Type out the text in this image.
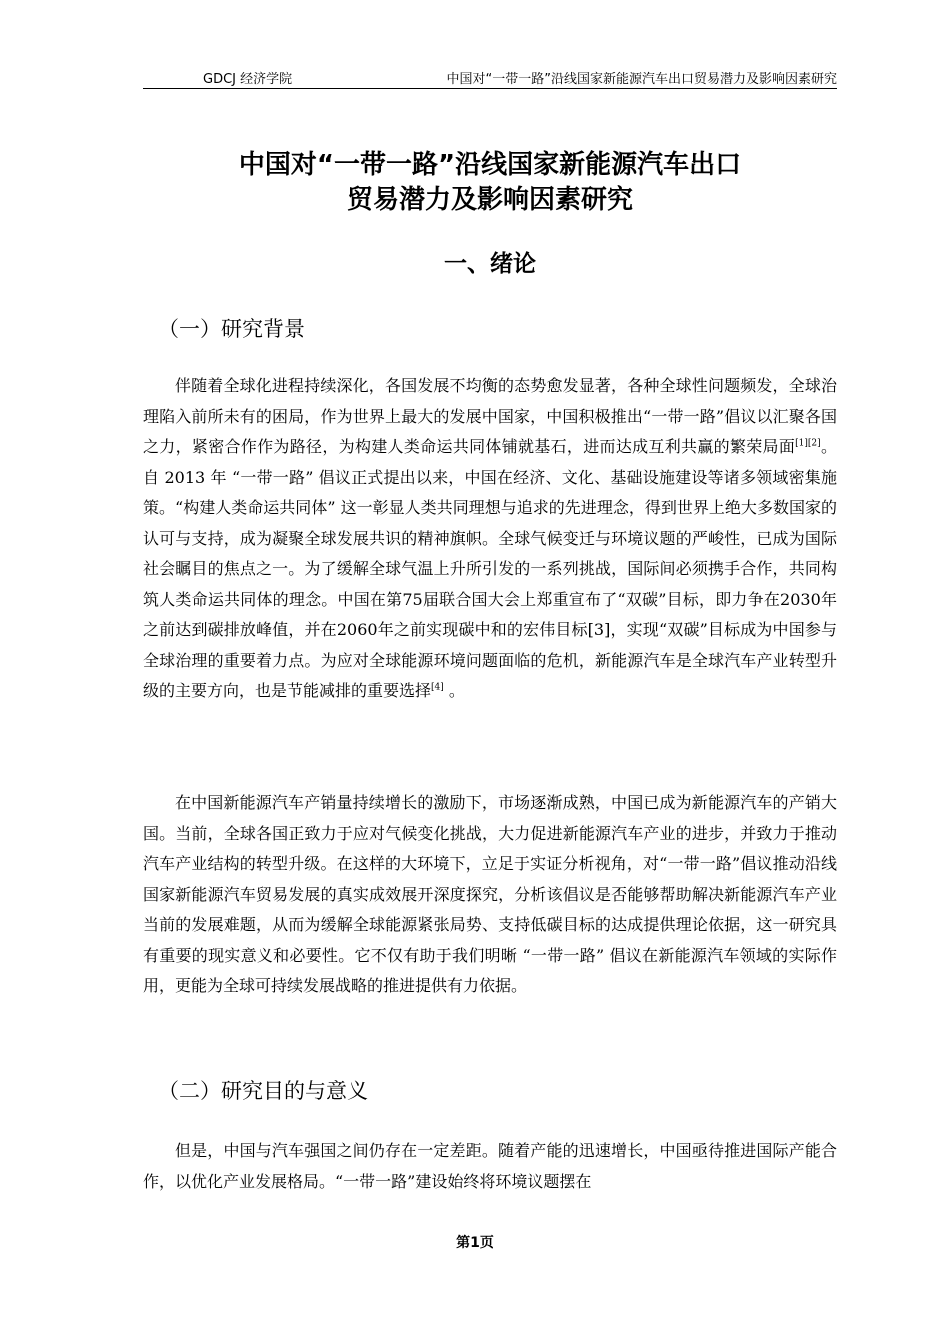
GDCJ 经济学院	中国对“一带一路”沿线国家新能源汽车出口贸易潜力及影响因素研究
中国对“一带一路”沿线国家新能源汽车出口
贸易潜力及影响因素研究
一、绪论
（一）研究背景

伴随着全球化进程持续深化，各国发展不均衡的态势愈发显著，各种全球性问题频发，全球治理陷入前所未有的困局，作为世界上最大的发展中国家，中国积极推出“一带一路”倡议以汇聚各国之力，紧密合作作为路径，为构建人类命运共同体铺就基石，进而达成互利共赢的繁荣局面[1][2]。自 2013 年 “一带一路” 倡议正式提出以来，中国在经济、文化、基础设施建设等诸多领域密集施策。“构建人类命运共同体” 这一彰显人类共同理想与追求的先进理念，得到世界上绝大多数国家的认可与支持，成为凝聚全球发展共识的精神旗帜。全球气候变迁与环境议题的严峻性，已成为国际社会瞩目的焦点之一。为了缓解全球气温上升所引发的一系列挑战，国际间必须携手合作，共同构筑人类命运共同体的理念。中国在第75届联合国大会上郑重宣布了“双碳”目标，即力争在2030年之前达到碳排放峰值，并在2060年之前实现碳中和的宏伟目标[3]，实现“双碳”目标成为中国参与全球治理的重要着力点。为应对全球能源环境问题面临的危机，新能源汽车是全球汽车产业转型升级的主要方向，也是节能减排的重要选择[4] 。

在中国新能源汽车产销量持续增长的激励下，市场逐渐成熟，中国已成为新能源汽车的产销大国。当前，全球各国正致力于应对气候变化挑战，大力促进新能源汽车产业的进步，并致力于推动汽车产业结构的转型升级。在这样的大环境下，立足于实证分析视角，对“一带一路”倡议推动沿线国家新能源汽车贸易发展的真实成效展开深度探究，分析该倡议是否能够帮助解决新能源汽车产业当前的发展难题，从而为缓解全球能源紧张局势、支持低碳目标的达成提供理论依据，这一研究具有重要的现实意义和必要性。它不仅有助于我们明晰 “一带一路” 倡议在新能源汽车领域的实际作用，更能为全球可持续发展战略的推进提供有力依据。

（二）研究目的与意义

但是，中国与汽车强国之间仍存在一定差距。随着产能的迅速增长，中国亟待推进国际产能合作，以优化产业发展格局。“一带一路”建设始终将环境议题摆在

第1页
